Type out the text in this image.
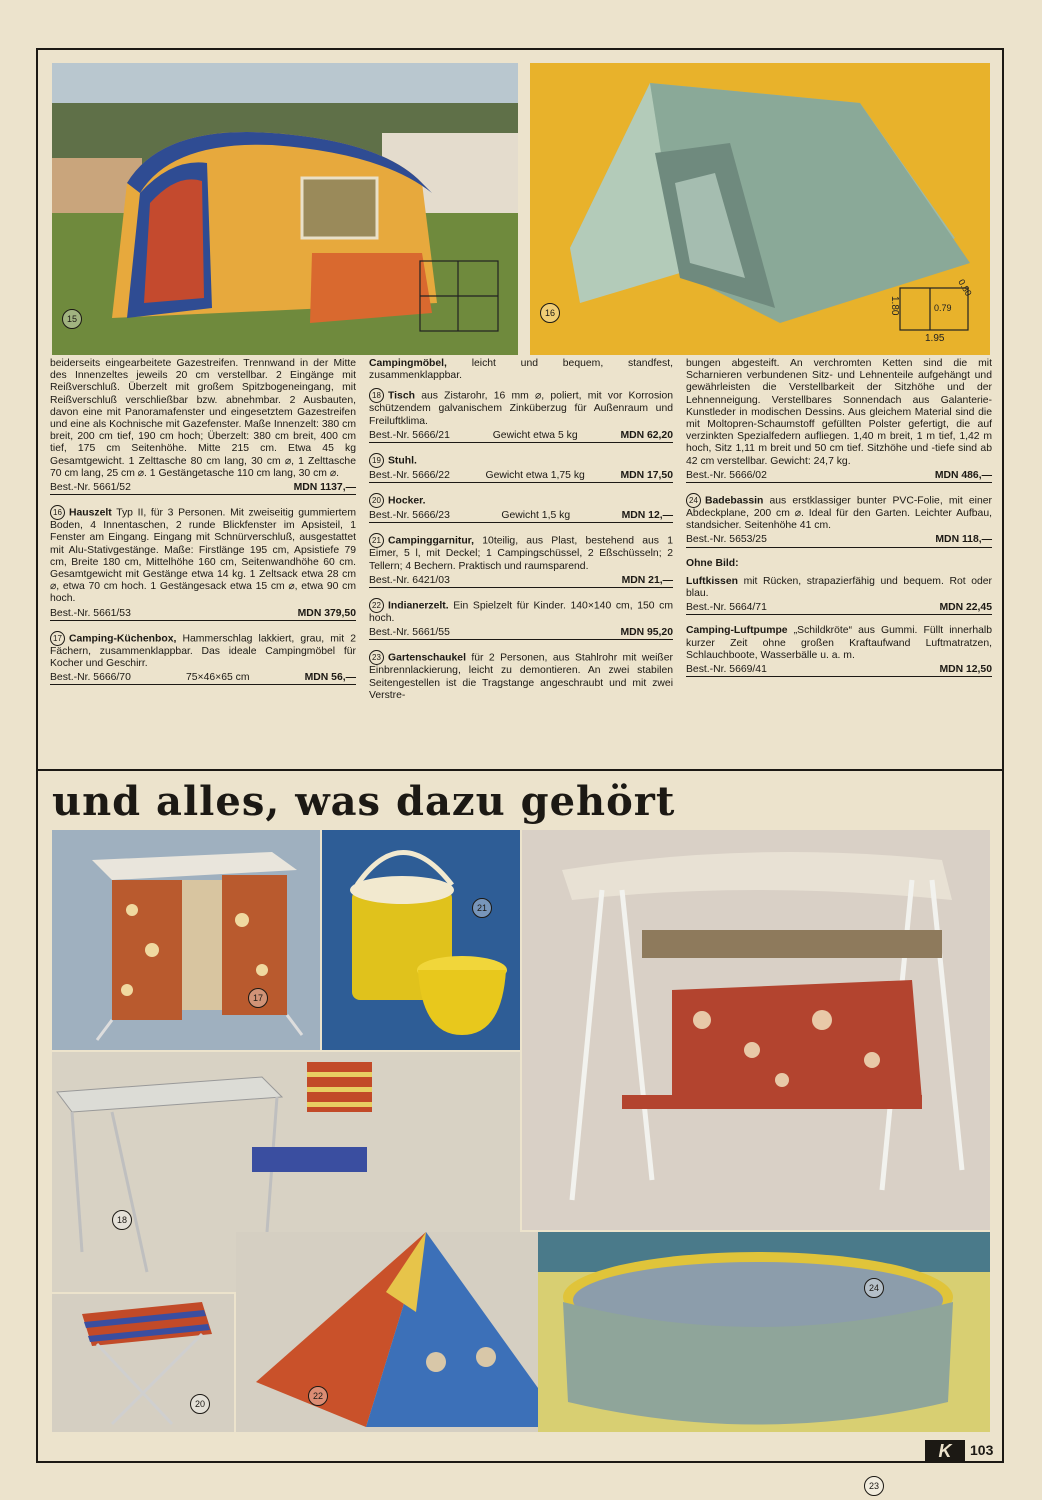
15
1.95
1.80	0.79
0.80
16

beiderseits eingearbeitete Gazestreifen. Trennwand in der Mitte des Innenzeltes jeweils 20 cm verstellbar. 2 Eingänge mit Reißverschluß. Überzelt mit großem Spitzbogeneingang, mit Reißverschluß verschließbar bzw. abnehmbar. 2 Ausbauten, davon eine mit Panoramafenster und eingesetztem Gazestreifen und eine als Kochnische mit Gazefenster. Maße Innenzelt: 380 cm breit, 200 cm tief, 190 cm hoch; Überzelt: 380 cm breit, 400 cm tief, 175 cm Seitenhöhe. Mitte 215 cm. Etwa 45 kg Gesamtgewicht. 1 Zelttasche 80 cm lang, 30 cm ⌀, 1 Zelttasche 70 cm lang, 25 cm ⌀. 1 Gestängetasche 110 cm lang, 30 cm ⌀.

Best.-Nr. 5661/52	MDN 1137,—

16 Hauszelt Typ II, für 3 Personen. Mit zweiseitig gummiertem Boden, 4 Innentaschen, 2 runde Blickfenster im Apsisteil, 1 Fenster am Eingang. Eingang mit Schnürverschluß, ausgestattet mit Alu-Stativgestänge. Maße: Firstlänge 195 cm, Apsistiefe 79 cm, Breite 180 cm, Mittelhöhe 160 cm, Seitenwandhöhe 60 cm. Gesamtgewicht mit Gestänge etwa 14 kg. 1 Zeltsack etwa 28 cm ⌀, etwa 70 cm hoch. 1 Gestängesack etwa 15 cm ⌀, etwa 90 cm hoch.

Best.-Nr. 5661/53	MDN 379,50

17 Camping-Küchenbox, Hammerschlag lakkiert, grau, mit 2 Fächern, zusammenklappbar. Das ideale Campingmöbel für Kocher und Geschirr.

Best.-Nr. 5666/70	75×46×65 cm	MDN 56,—

Campingmöbel, leicht und bequem, standfest, zusammenklappbar.

18 Tisch aus Zistarohr, 16 mm ⌀, poliert, mit vor Korrosion schützendem galvanischem Zinküberzug für Außenraum und Freiluftklima.

Best.-Nr. 5666/21	Gewicht etwa 5 kg	MDN 62,20

19 Stuhl.

Best.-Nr. 5666/22	Gewicht etwa 1,75 kg	MDN 17,50

20 Hocker.

Best.-Nr. 5666/23	Gewicht 1,5 kg	MDN 12,—

21 Campinggarnitur, 10teilig, aus Plast, bestehend aus 1 Eimer, 5 l, mit Deckel; 1 Campingschüssel, 2 Eßschüsseln; 2 Tellern; 4 Bechern. Praktisch und raumsparend.

Best.-Nr. 6421/03	MDN 21,—

22 Indianerzelt. Ein Spielzelt für Kinder. 140×140 cm, 150 cm hoch.

Best.-Nr. 5661/55	MDN 95,20

23 Gartenschaukel für 2 Personen, aus Stahlrohr mit weißer Einbrennlackierung, leicht zu demontieren. An zwei stabilen Seitengestellen ist die Tragstange angeschraubt und mit zwei Verstre-

bungen abgesteift. An verchromten Ketten sind die mit Scharnieren verbundenen Sitz- und Lehnenteile aufgehängt und gewährleisten die Verstellbarkeit der Sitzhöhe und der Lehnenneigung. Verstellbares Sonnendach aus Galanterie-Kunstleder in modischen Dessins. Aus gleichem Material sind die mit Moltopren-Schaumstoff gefüllten Polster gefertigt, die auf verzinkten Spezialfedern aufliegen. 1,40 m breit, 1 m tief, 1,42 m hoch, Sitz 1,11 m breit und 50 cm tief. Sitzhöhe und -tiefe sind ab 42 cm verstellbar. Gewicht: 24,7 kg.

Best.-Nr. 5666/02	MDN 486,—

24 Badebassin aus erstklassiger bunter PVC-Folie, mit einer Abdeckplane, 200 cm ⌀. Ideal für den Garten. Leichter Aufbau, standsicher. Seitenhöhe 41 cm.

Best.-Nr. 5653/25	MDN 118,—

Ohne Bild:

Luftkissen mit Rücken, strapazierfähig und bequem. Rot oder blau.

Best.-Nr. 5664/71	MDN 22,45

Camping-Luftpumpe „Schildkröte“ aus Gummi. Füllt innerhalb kurzer Zeit ohne großen Kraftaufwand Luftmatratzen, Schlauchboote, Wasserbälle u. a. m.

Best.-Nr. 5669/41	MDN 12,50
und alles, was dazu gehört
17
21
23
18
20
22
24
K	103
